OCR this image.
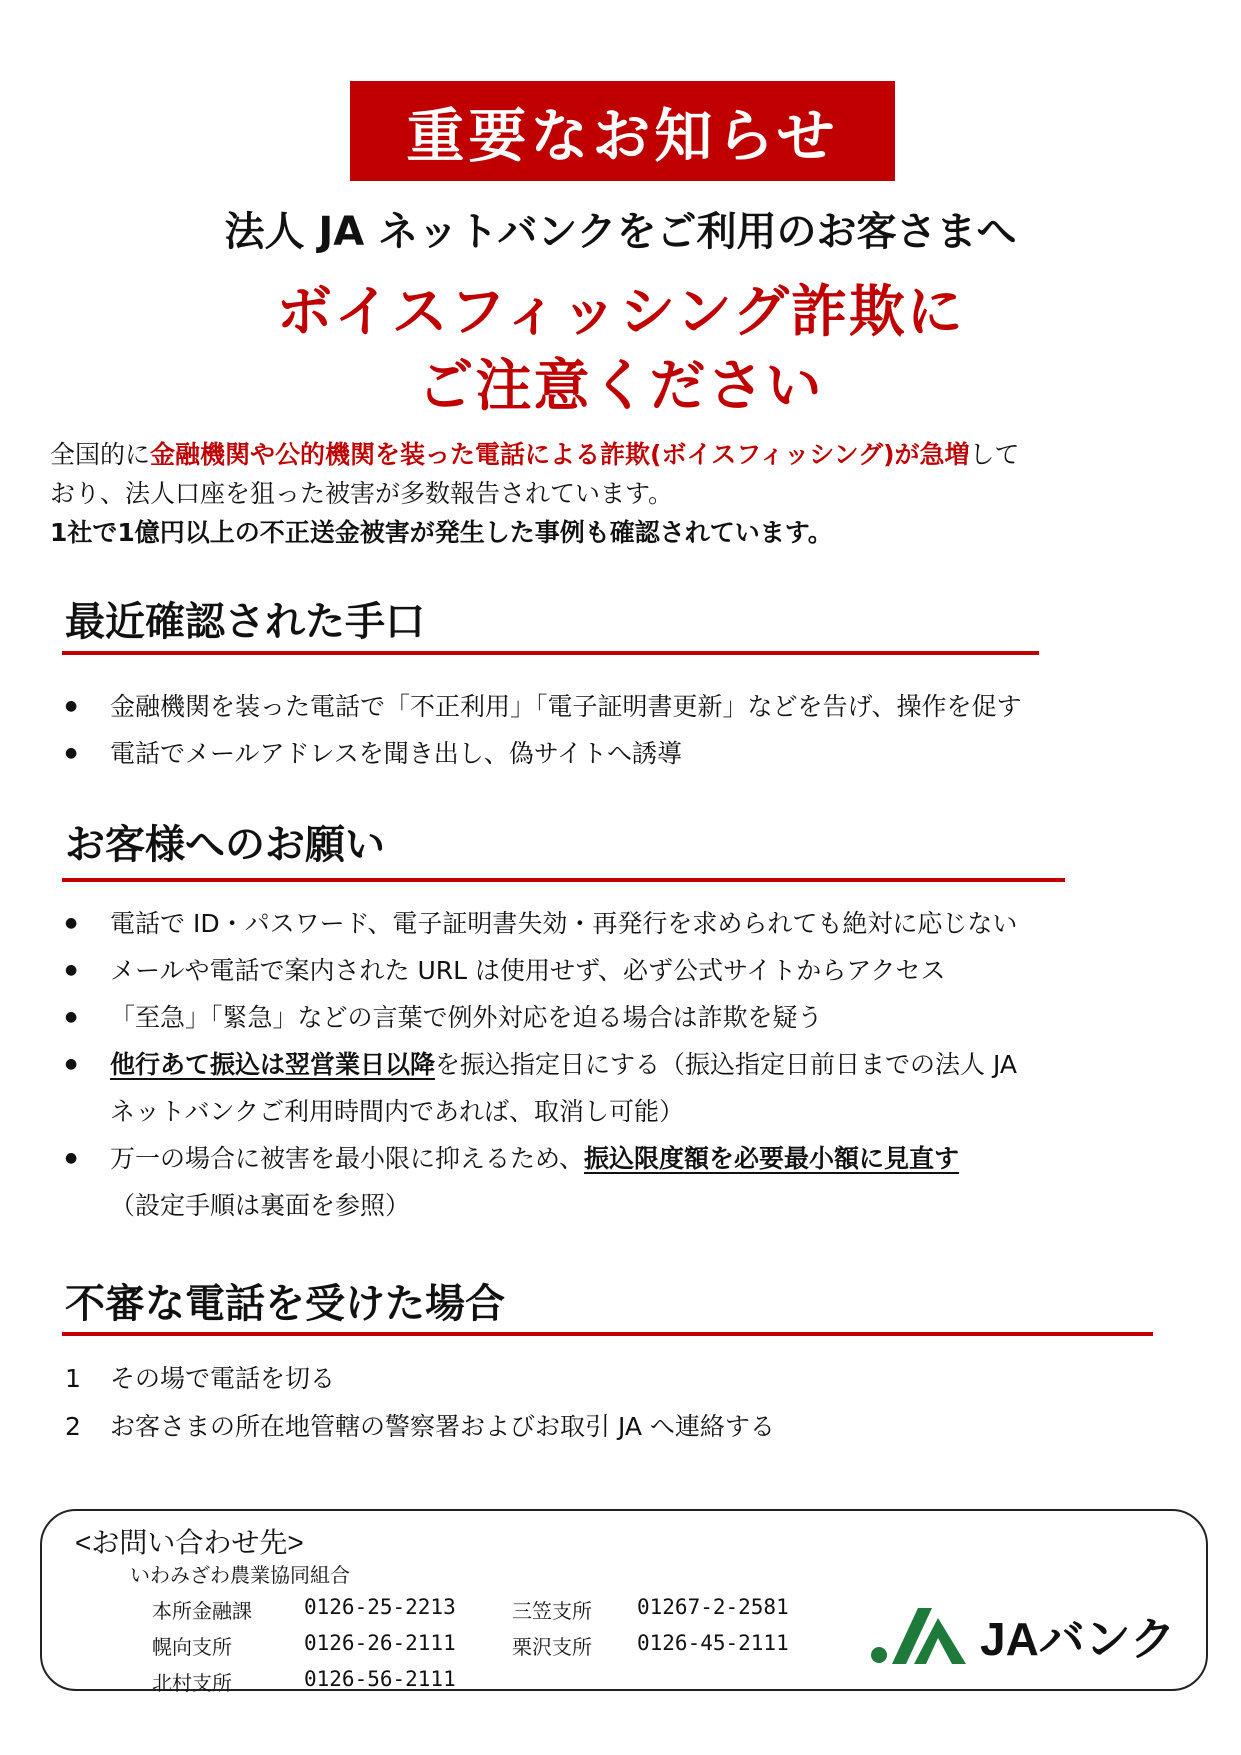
重要なお知らせ
法人 JA ネットバンクをご利用のお客さまへ
ボイスフィッシング詐欺に
ご注意ください
全国的に金融機関や公的機関を装った電話による詐欺(ボイスフィッシング)が急増して
おり、法人口座を狙った被害が多数報告されています。
1社で1億円以上の不正送金被害が発生した事例も確認されています。
最近確認された手口
● 金融機関を装った電話で「不正利用」「電子証明書更新」などを告げ、操作を促す
● 電話でメールアドレスを聞き出し、偽サイトへ誘導
お客様へのお願い
● 電話で ID・パスワード、電子証明書失効・再発行を求められても絶対に応じない
● メールや電話で案内された URL は使用せず、必ず公式サイトからアクセス
● 「至急」「緊急」などの言葉で例外対応を迫る場合は詐欺を疑う
● 他行あて振込は翌営業日以降を振込指定日にする（振込指定日前日までの法人 JA
ネットバンクご利用時間内であれば、取消し可能）
● 万一の場合に被害を最小限に抑えるため、振込限度額を必要最小額に見直す
（設定手順は裏面を参照）
不審な電話を受けた場合
1	その場で電話を切る
2	お客さまの所在地管轄の警察署およびお取引 JA へ連絡する
<お問い合わせ先>
いわみざわ農業協同組合
本所金融課	0126-25-2213	三笠支所	01267-2-2581
幌向支所	0126-26-2111	栗沢支所	0126-45-2111
北村支所	0126-56-2111
JAバンク
